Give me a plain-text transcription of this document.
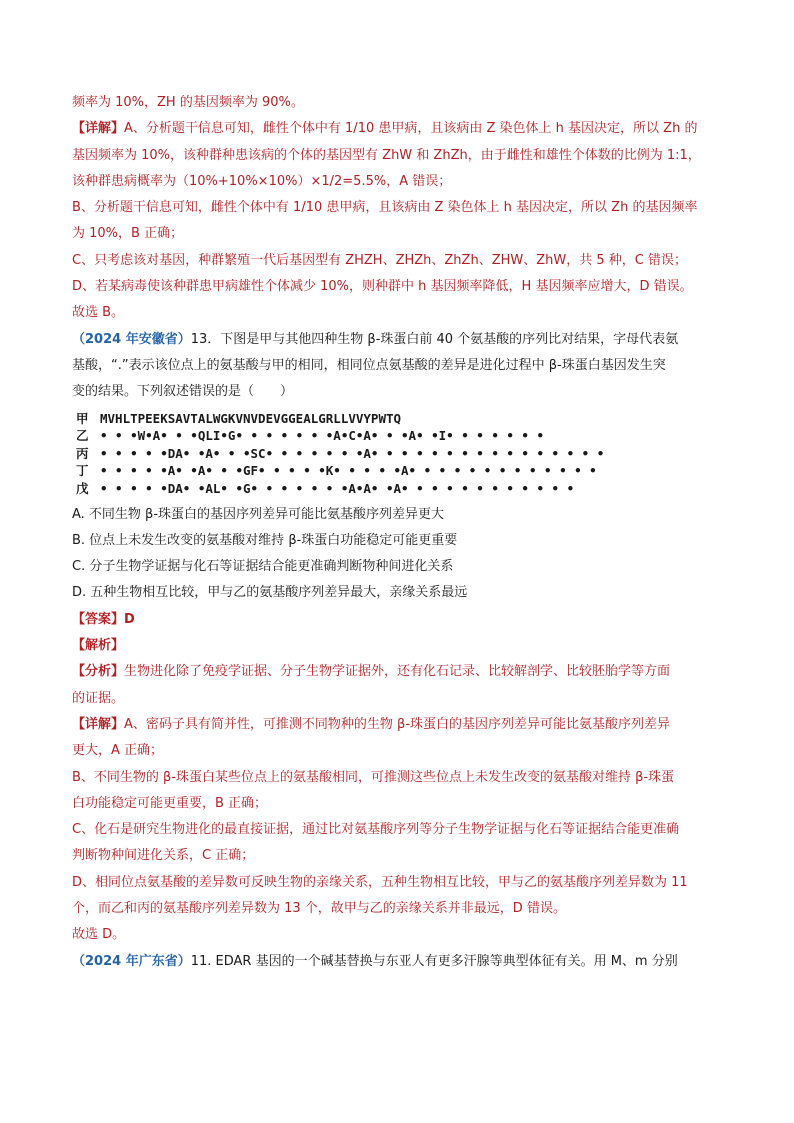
频率为 10%，ZH 的基因频率为 90%。
【详解】A、分析题干信息可知，雌性个体中有 1/10 患甲病，且该病由 Z 染色体上 h 基因决定，所以 Zh 的
基因频率为 10%，该种群种患该病的个体的基因型有 ZhW 和 ZhZh，由于雌性和雄性个体数的比例为 1:1，
该种群患病概率为（10%+10%×10%）×1/2=5.5%，A 错误；
B、分析题干信息可知，雌性个体中有 1/10 患甲病，且该病由 Z 染色体上 h 基因决定，所以 Zh 的基因频率
为 10%，B 正确；
C、只考虑该对基因，种群繁殖一代后基因型有 ZHZH、ZHZh、ZhZh、ZHW、ZhW，共 5 种，C 错误；
D、若某病毒使该种群患甲病雄性个体减少 10%，则种群中 h 基因频率降低，H 基因频率应增大，D 错误。
故选 B。
（2024 年安徽省）13．下图是甲与其他四种生物 β-珠蛋白前 40 个氨基酸的序列比对结果，字母代表氨
基酸，“.”表示该位点上的氨基酸与甲的相同，相同位点氨基酸的差异是进化过程中 β-珠蛋白基因发生突
变的结果。下列叙述错误的是（　　）
甲 MVHLTPEEKSAVTALWGKVNVDEVGGEALGRLLVVYPWTQ
乙 • • •W•A• • •QLI•G• • • • • • •A•C•A• • •A• •I• • • • • • •
丙 • • • • •DA• •A• • •SC• • • • • • •A• • • • • • • • • • • • • • • •
丁 • • • • •A• •A• • •GF• • • • •K• • • • •A• • • • • • • • • • • • •
戊 • • • • •DA• •AL• •G• • • • • • •A•A• •A• • • • • • • • • • • •
A. 不同生物 β-珠蛋白的基因序列差异可能比氨基酸序列差异更大
B. 位点上未发生改变的氨基酸对维持 β-珠蛋白功能稳定可能更重要
C. 分子生物学证据与化石等证据结合能更准确判断物种间进化关系
D. 五种生物相互比较，甲与乙的氨基酸序列差异最大，亲缘关系最远
【答案】D
【解析】
【分析】生物进化除了免疫学证据、分子生物学证据外，还有化石记录、比较解剖学、比较胚胎学等方面
的证据。
【详解】A、密码子具有简并性，可推测不同物种的生物 β-珠蛋白的基因序列差异可能比氨基酸序列差异
更大，A 正确；
B、不同生物的 β-珠蛋白某些位点上的氨基酸相同，可推测这些位点上未发生改变的氨基酸对维持 β-珠蛋
白功能稳定可能更重要，B 正确；
C、化石是研究生物进化的最直接证据，通过比对氨基酸序列等分子生物学证据与化石等证据结合能更准确
判断物种间进化关系，C 正确；
D、相同位点氨基酸的差异数可反映生物的亲缘关系，五种生物相互比较，甲与乙的氨基酸序列差异数为 11
个，而乙和丙的氨基酸序列差异数为 13 个，故甲与乙的亲缘关系并非最远，D 错误。
故选 D。
（2024 年广东省）11. EDAR 基因的一个碱基替换与东亚人有更多汗腺等典型体征有关。用 M、m 分别
